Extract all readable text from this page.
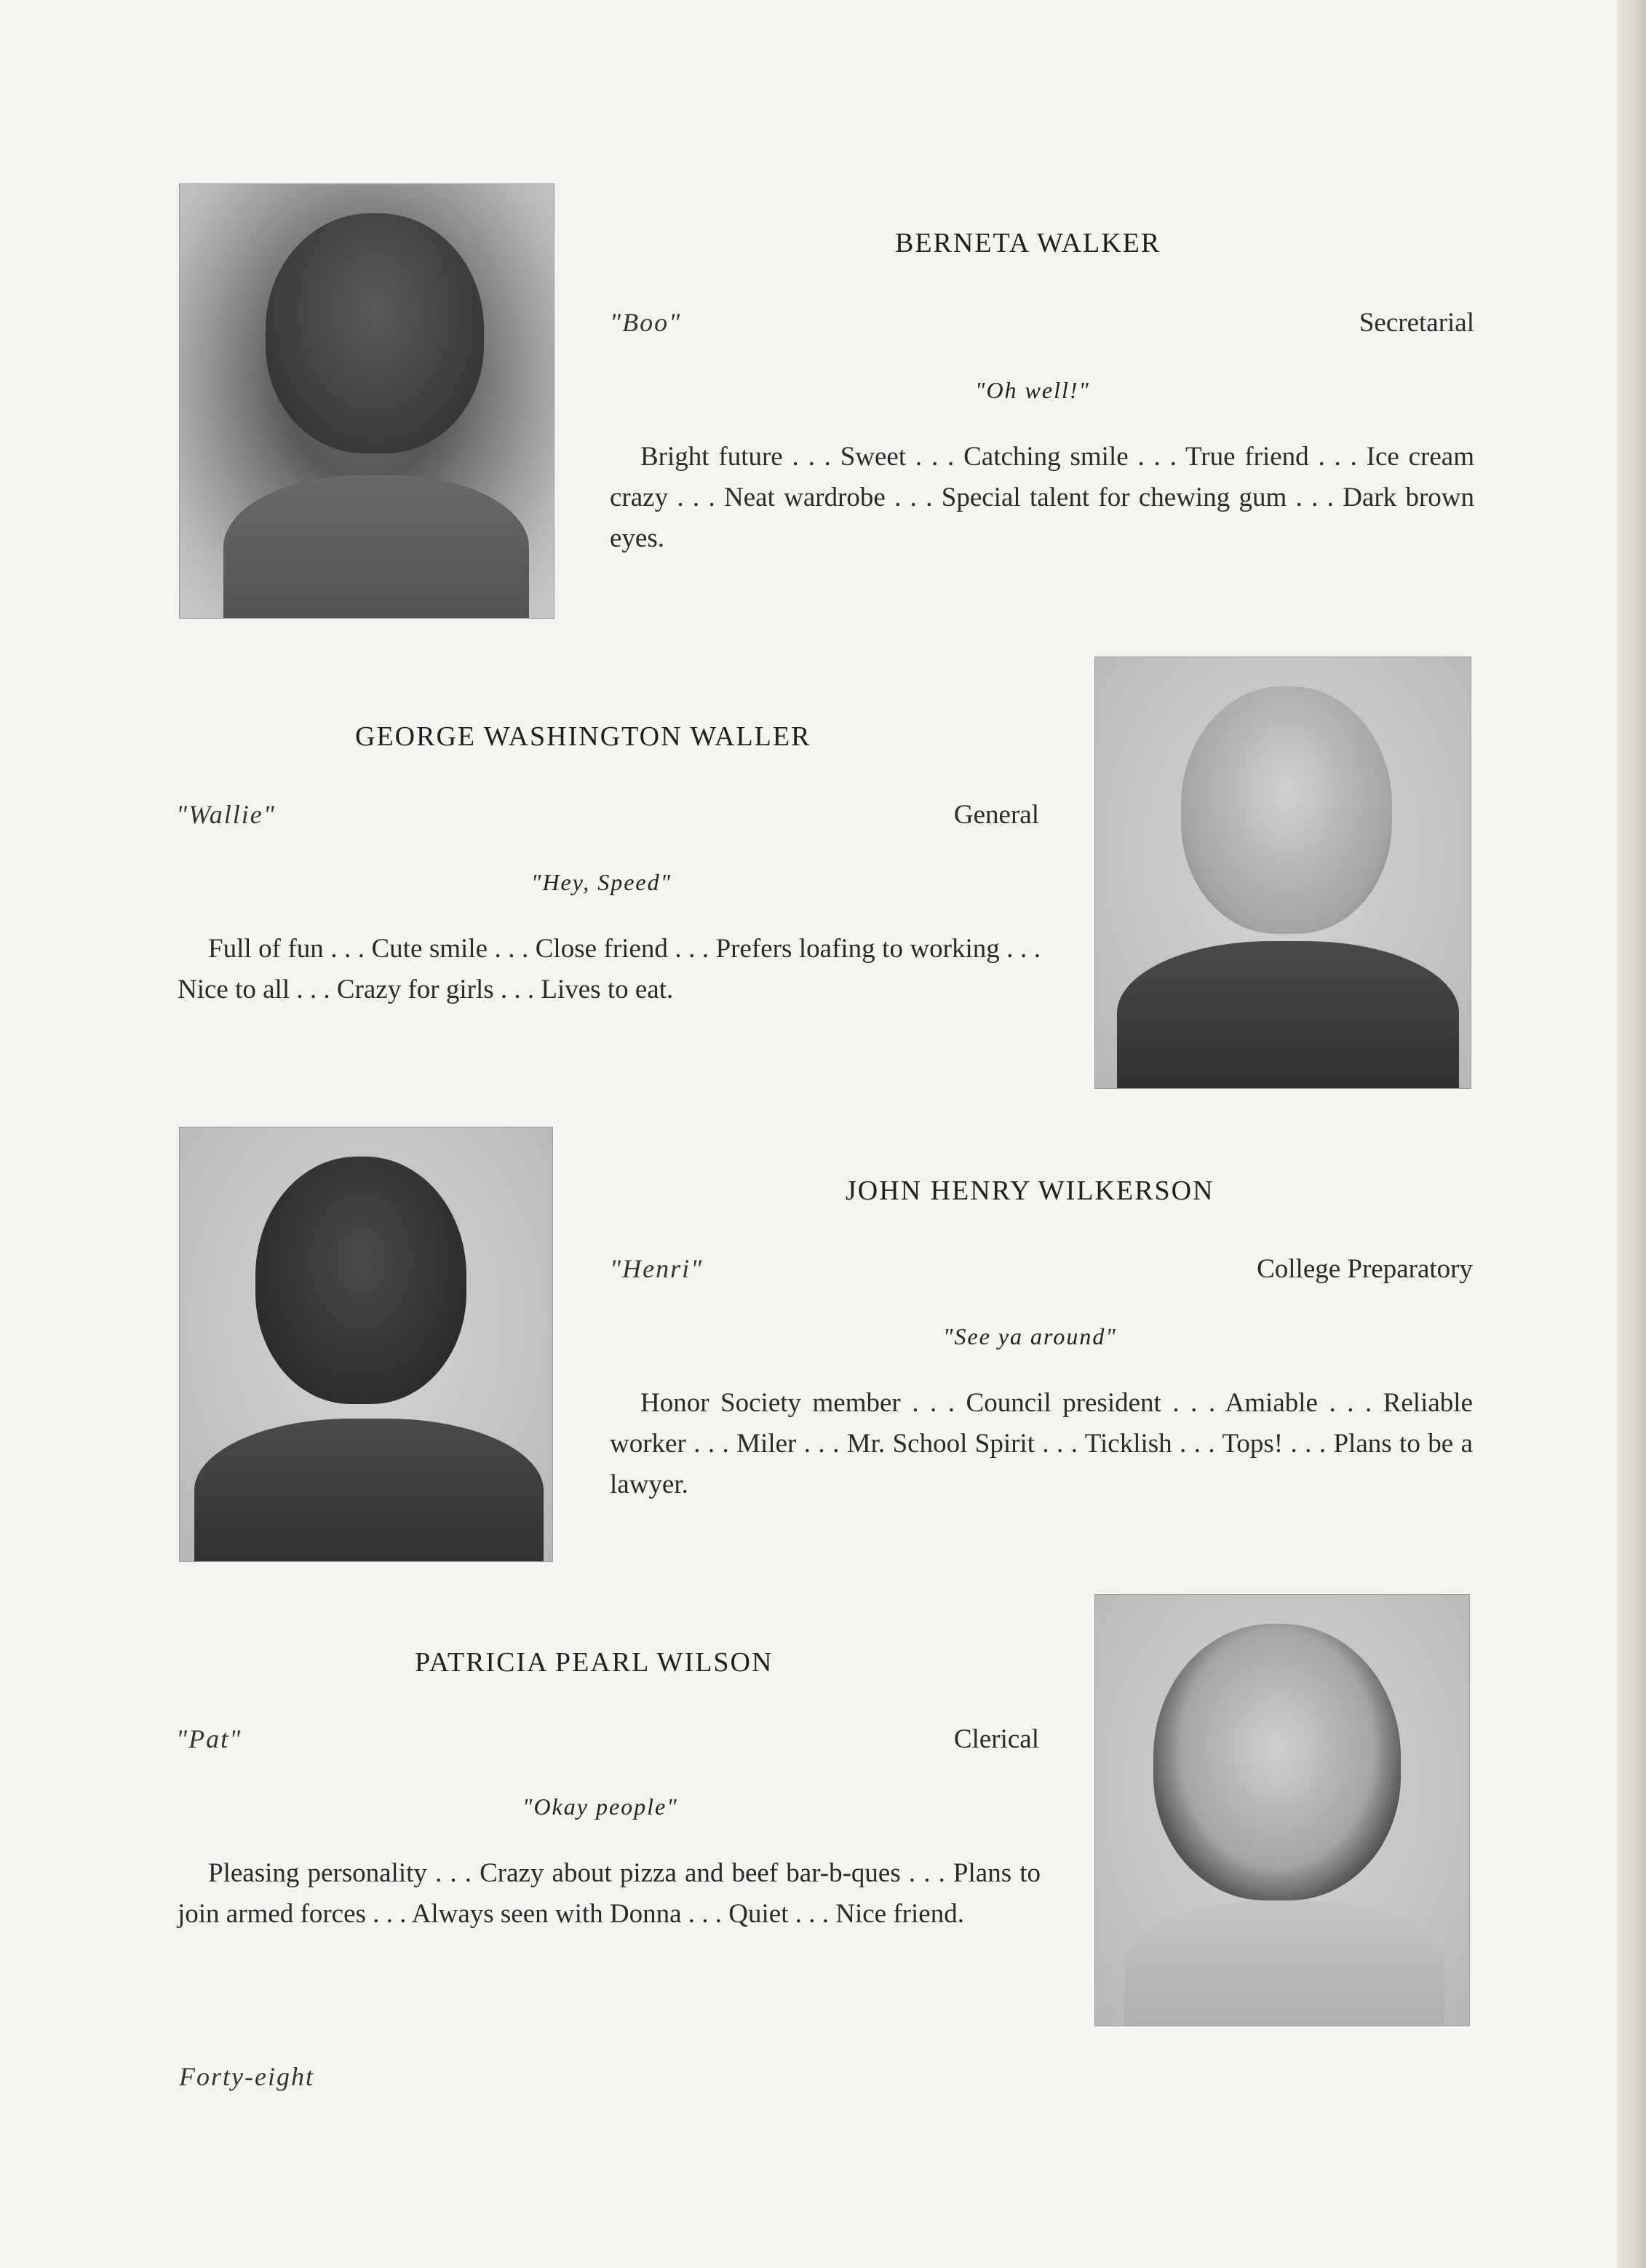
BERNETA WALKER
"Boo"	Secretarial
"Oh well!"
Bright future . . . Sweet . . . Catching smile . . . True friend . . . Ice cream crazy . . . Neat wardrobe . . . Special talent for chewing gum . . . Dark brown eyes.
GEORGE WASHINGTON WALLER
"Wallie"	General
"Hey, Speed"
Full of fun . . . Cute smile . . . Close friend . . . Prefers loafing to working . . . Nice to all . . . Crazy for girls . . . Lives to eat.
JOHN HENRY WILKERSON
"Henri"	College Preparatory
"See ya around"
Honor Society member . . . Council president . . . Amiable . . . Reliable worker . . . Miler . . . Mr. School Spirit . . . Ticklish . . . Tops! . . . Plans to be a lawyer.
PATRICIA PEARL WILSON
"Pat"	Clerical
"Okay people"
Pleasing personality . . . Crazy about pizza and beef bar-b-ques . . . Plans to join armed forces . . . Always seen with Donna . . . Quiet . . . Nice friend.
Forty-eight
